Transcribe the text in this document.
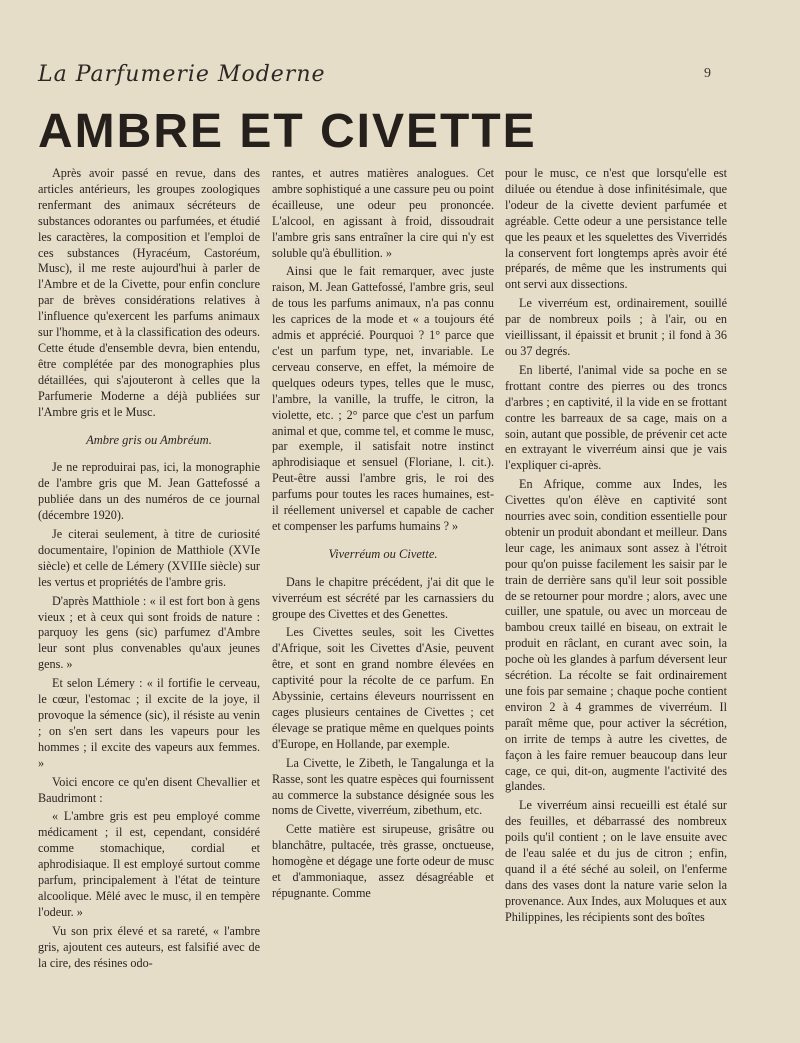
La Parfumerie Moderne	9
AMBRE ET CIVETTE

Après avoir passé en revue, dans des articles antérieurs, les groupes zoologiques renfermant des animaux sécréteurs de substances odorantes ou parfumées, et étudié les caractères, la composition et l'emploi de ces substances (Hyracéum, Castoréum, Musc), il me reste aujourd'hui à parler de l'Ambre et de la Civette, pour enfin conclure par de brèves considérations relatives à l'influence qu'exercent les parfums animaux sur l'homme, et à la classification des odeurs. Cette étude d'ensemble devra, bien entendu, être complétée par des monographies plus détaillées, qui s'ajouteront à celles que la Parfumerie Moderne a déjà publiées sur l'Ambre gris et le Musc.

Ambre gris ou Ambréum.

Je ne reproduirai pas, ici, la monographie de l'ambre gris que M. Jean Gattefossé a publiée dans un des numéros de ce journal (décembre 1920).

Je citerai seulement, à titre de curiosité documentaire, l'opinion de Matthiole (XVIe siècle) et celle de Lémery (XVIIIe siècle) sur les vertus et propriétés de l'ambre gris.

D'après Matthiole : « il est fort bon à gens vieux ; et à ceux qui sont froids de nature : parquoy les gens (sic) parfumez d'Ambre leur sont plus convenables qu'aux jeunes gens. »

Et selon Lémery : « il fortifie le cerveau, le cœur, l'estomac ; il excite de la joye, il provoque la sémence (sic), il résiste au venin ; on s'en sert dans les vapeurs pour les hommes ; il excite des vapeurs aux femmes. »

Voici encore ce qu'en disent Chevallier et Baudrimont :

« L'ambre gris est peu employé comme médicament ; il est, cependant, considéré comme stomachique, cordial et aphrodisiaque. Il est employé surtout comme parfum, principalement à l'état de teinture alcoolique. Mêlé avec le musc, il en tempère l'odeur. »

Vu son prix élevé et sa rareté, « l'ambre gris, ajoutent ces auteurs, est falsifié avec de la cire, des résines odo-

rantes, et autres matières analogues. Cet ambre sophistiqué a une cassure peu ou point écailleuse, une odeur peu prononcée. L'alcool, en agissant à froid, dissoudrait l'ambre gris sans entraîner la cire qui n'y est soluble qu'à ébullition. »

Ainsi que le fait remarquer, avec juste raison, M. Jean Gattefossé, l'ambre gris, seul de tous les parfums animaux, n'a pas connu les caprices de la mode et « a toujours été admis et apprécié. Pourquoi ? 1° parce que c'est un parfum type, net, invariable. Le cerveau conserve, en effet, la mémoire de quelques odeurs types, telles que le musc, l'ambre, la vanille, la truffe, le citron, la violette, etc. ; 2° parce que c'est un parfum animal et que, comme tel, et comme le musc, par exemple, il satisfait notre instinct aphrodisiaque et sensuel (Floriane, l. cit.). Peut-être aussi l'ambre gris, le roi des parfums pour toutes les races humaines, est-il réellement universel et capable de cacher et compenser les parfums humains ? »

Viverréum ou Civette.

Dans le chapitre précédent, j'ai dit que le viverréum est sécrété par les carnassiers du groupe des Civettes et des Genettes.

Les Civettes seules, soit les Civettes d'Afrique, soit les Civettes d'Asie, peuvent être, et sont en grand nombre élevées en captivité pour la récolte de ce parfum. En Abyssinie, certains éleveurs nourrissent en cages plusieurs centaines de Civettes ; cet élevage se pratique même en quelques points d'Europe, en Hollande, par exemple.

La Civette, le Zibeth, le Tangalunga et la Rasse, sont les quatre espèces qui fournissent au commerce la substance désignée sous les noms de Civette, viverréum, zibethum, etc.

Cette matière est sirupeuse, grisâtre ou blanchâtre, pultacée, très grasse, onctueuse, homogène et dégage une forte odeur de musc et d'ammoniaque, assez désagréable et répugnante. Comme

pour le musc, ce n'est que lorsqu'elle est diluée ou étendue à dose infinitésimale, que l'odeur de la civette devient parfumée et agréable. Cette odeur a une persistance telle que les peaux et les squelettes des Viverridés la conservent fort longtemps après avoir été préparés, de même que les instruments qui ont servi aux dissections.

Le viverréum est, ordinairement, souillé par de nombreux poils ; à l'air, ou en vieillissant, il épaissit et brunit ; il fond à 36 ou 37 degrés.

En liberté, l'animal vide sa poche en se frottant contre des pierres ou des troncs d'arbres ; en captivité, il la vide en se frottant contre les barreaux de sa cage, mais on a soin, autant que possible, de prévenir cet acte en extrayant le viverréum ainsi que je vais l'expliquer ci-après.

En Afrique, comme aux Indes, les Civettes qu'on élève en captivité sont nourries avec soin, condition essentielle pour obtenir un produit abondant et meilleur. Dans leur cage, les animaux sont assez à l'étroit pour qu'on puisse facilement les saisir par le train de derrière sans qu'il leur soit possible de se retourner pour mordre ; alors, avec une cuiller, une spatule, ou avec un morceau de bambou creux taillé en biseau, on extrait le produit en râclant, en curant avec soin, la poche où les glandes à parfum déversent leur sécrétion. La récolte se fait ordinairement une fois par semaine ; chaque poche contient environ 2 à 4 grammes de viverréum. Il paraît même que, pour activer la sécrétion, on irrite de temps à autre les civettes, de façon à les faire remuer beaucoup dans leur cage, ce qui, dit-on, augmente l'activité des glandes.

Le viverréum ainsi recueilli est étalé sur des feuilles, et débarrassé des nombreux poils qu'il contient ; on le lave ensuite avec de l'eau salée et du jus de citron ; enfin, quand il a été séché au soleil, on l'enferme dans des vases dont la nature varie selon la provenance. Aux Indes, aux Moluques et aux Philippines, les récipients sont des boîtes
